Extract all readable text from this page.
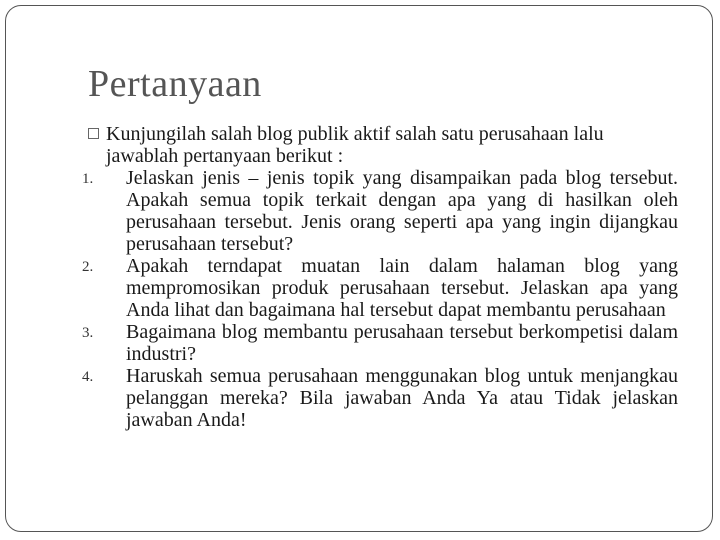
Pertanyaan

Kunjungilah salah blog publik aktif salah satu perusahaan lalu jawablah pertanyaan berikut :

1. Jelaskan jenis – jenis topik yang disampaikan pada blog tersebut. Apakah semua topik terkait dengan apa yang di hasilkan oleh perusahaan tersebut. Jenis orang seperti apa yang ingin dijangkau perusahaan tersebut?
2. Apakah terndapat muatan lain dalam halaman blog yang mempromosikan produk perusahaan tersebut. Jelaskan apa yang Anda lihat dan bagaimana hal tersebut dapat membantu perusahaan
3. Bagaimana blog membantu perusahaan tersebut berkompetisi dalam industri?
4. Haruskah semua perusahaan menggunakan blog untuk menjangkau pelanggan mereka? Bila jawaban Anda Ya atau Tidak jelaskan jawaban Anda!
